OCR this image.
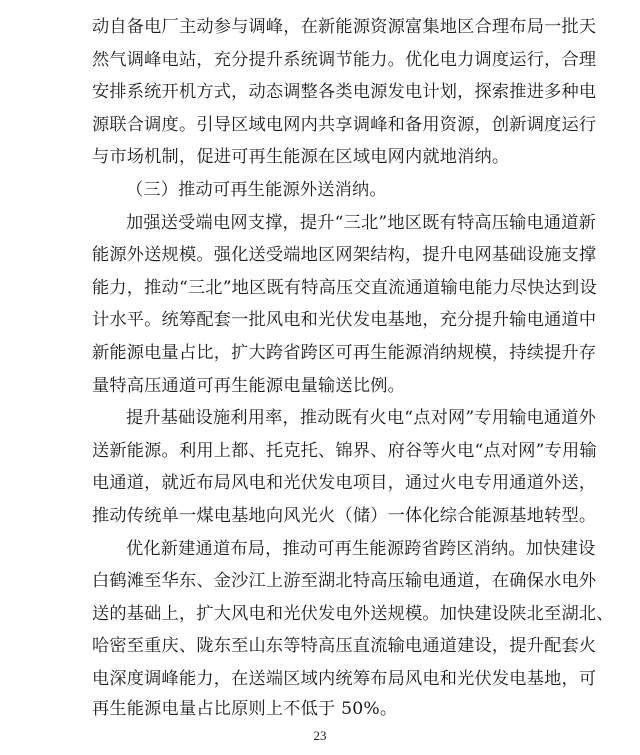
动自备电厂主动参与调峰，在新能源资源富集地区合理布局一批天
然气调峰电站，充分提升系统调节能力。优化电力调度运行，合理
安排系统开机方式，动态调整各类电源发电计划，探索推进多种电
源联合调度。引导区域电网内共享调峰和备用资源，创新调度运行
与市场机制，促进可再生能源在区域电网内就地消纳。
（三）推动可再生能源外送消纳。
加强送受端电网支撑，提升“三北”地区既有特高压输电通道新
能源外送规模。强化送受端地区网架结构，提升电网基础设施支撑
能力，推动“三北”地区既有特高压交直流通道输电能力尽快达到设
计水平。统筹配套一批风电和光伏发电基地，充分提升输电通道中
新能源电量占比，扩大跨省跨区可再生能源消纳规模，持续提升存
量特高压通道可再生能源电量输送比例。
提升基础设施利用率，推动既有火电“点对网”专用输电通道外
送新能源。利用上都、托克托、锦界、府谷等火电“点对网”专用输
电通道，就近布局风电和光伏发电项目，通过火电专用通道外送，
推动传统单一煤电基地向风光火（储）一体化综合能源基地转型。
优化新建通道布局，推动可再生能源跨省跨区消纳。加快建设
白鹤滩至华东、金沙江上游至湖北特高压输电通道，在确保水电外
送的基础上，扩大风电和光伏发电外送规模。加快建设陕北至湖北、
哈密至重庆、陇东至山东等特高压直流输电通道建设，提升配套火
电深度调峰能力，在送端区域内统筹布局风电和光伏发电基地，可
23
再生能源电量占比原则上不低于 50%。
